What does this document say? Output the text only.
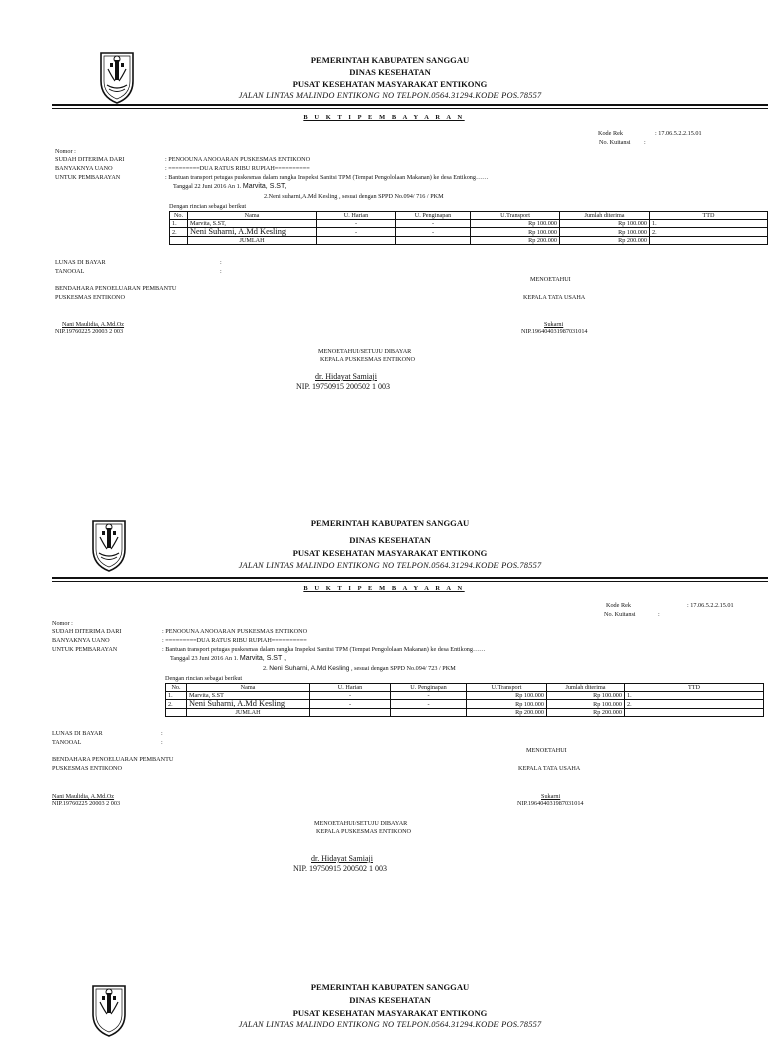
PEMERINTAH KABUPATEN SANGGAU
DINAS KESEHATAN
PUSAT KESEHATAN MASYARAKAT ENTIKONG
JALAN LINTAS MALINDO ENTIKONG NO TELPON.0564.31294.KODE POS.78557
B U K T I P E M B A Y A R A N
Kode Rek	: 17.06.5.2.2.15.01
No. Kuitansi :
Nomor :
SUDAH DITERIMA DARI	: PENOOUNA ANOOARAN PUSKESMAS ENTIKONO
BANYAKNYA UANO	: =========DUA RATUS RIBU RUPIAH==========
UNTUK PEMBARAYAN	: Bantuan transport petugas puskesmas dalam rangka Inspeksi Sanitsi TPM (Tempat Pengololaan Makanan) ke desa Entikong……
Tanggal 22 Juni 2016 An 1. Marvita, S.ST,
2.Neni suharni,A.Md Kesling , sesuai dengan SPPD No.094/ 716 / PKM
Dengan rincian sebagai berikut
No.	Nama	U. Harian	U. Penginapan	U.Transport	Jumlah diterima	TTD
1.	Marvita, S.ST,	-	-	Rp 100.000	Rp 100.000	1.
2.	Neni Suharni, A.Md Kesling	-	-	Rp 100.000	Rp 100.000	2.
	JUMLAH			Rp 200.000	Rp 200.000	
LUNAS DI BAYAR	:
TANOOAL	:
MENOETAHUI
BENDAHARA PENOELUARAN PEMBANTU
PUSKESMAS ENTIKONO	KEPALA TATA USAHA
Nani Maulidia, A.Md.Oz
NIP.19760225 20003 2 003
Sukarni
NIP.196404031987031014
MENOETAHUI/SETUJU DIBAYAR
KEPALA PUSKESMAS ENTIKONO
dr. Hidayat Samiaji
NIP. 19750915 200502 1 003
PEMERINTAH KABUPATEN SANGGAU
DINAS KESEHATAN
PUSAT KESEHATAN MASYARAKAT ENTIKONG
JALAN LINTAS MALINDO ENTIKONG NO TELPON.0564.31294.KODE POS.78557
B U K T I P E M B A Y A R A N
Kode Rek	: 17.06.5.2.2.15.01
No. Kuitansi	:
Nomor :
SUDAH DITERIMA DARI	: PENOOUNA ANOOARAN PUSKESMAS ENTIKONO
BANYAKNYA UANO	: =========DUA RATUS RIBU RUPIAH==========
UNTUK PEMBARAYAN	: Bantuan transport petugas puskesmas dalam rangka Inspeksi Sanitsi TPM (Tempat Pengololaan Makanan) ke desa Entikong……
Tanggal 23 Juni 2016 An 1. Marvita, S.ST ,
2. Neni Suharni, A.Md Kesling , sesuai dengan SPPD No.094/ 723 / PKM
Dengan rincian sebagai berikut
No.	Nama	U. Harian	U. Penginapan	U.Transport	Jumlah diterima	TTD
1.	Marvita, S.ST	-	-	Rp 100.000	Rp 100.000	1.
2.	Neni Suharni, A.Md Kesling	-	-	Rp 100.000	Rp 100.000	2.
	JUMLAH			Rp 200.000	Rp 200.000	
LUNAS DI BAYAR	:
TANOOAL	:
MENOETAHUI
BENDAHARA PENOELUARAN PEMBANTU
PUSKESMAS ENTIKONO	KEPALA TATA USAHA
Nani Maulidia, A.Md.Oz
NIP.19760225 20003 2 003
Sukarni
NIP.196404031987031014
MENOETAHUI/SETUJU DIBAYAR
KEPALA PUSKESMAS ENTIKONO
dr. Hidayat Samiaji
NIP. 19750915 200502 1 003
PEMERINTAH KABUPATEN SANGGAU
DINAS KESEHATAN
PUSAT KESEHATAN MASYARAKAT ENTIKONG
JALAN LINTAS MALINDO ENTIKONG NO TELPON.0564.31294.KODE POS.78557
